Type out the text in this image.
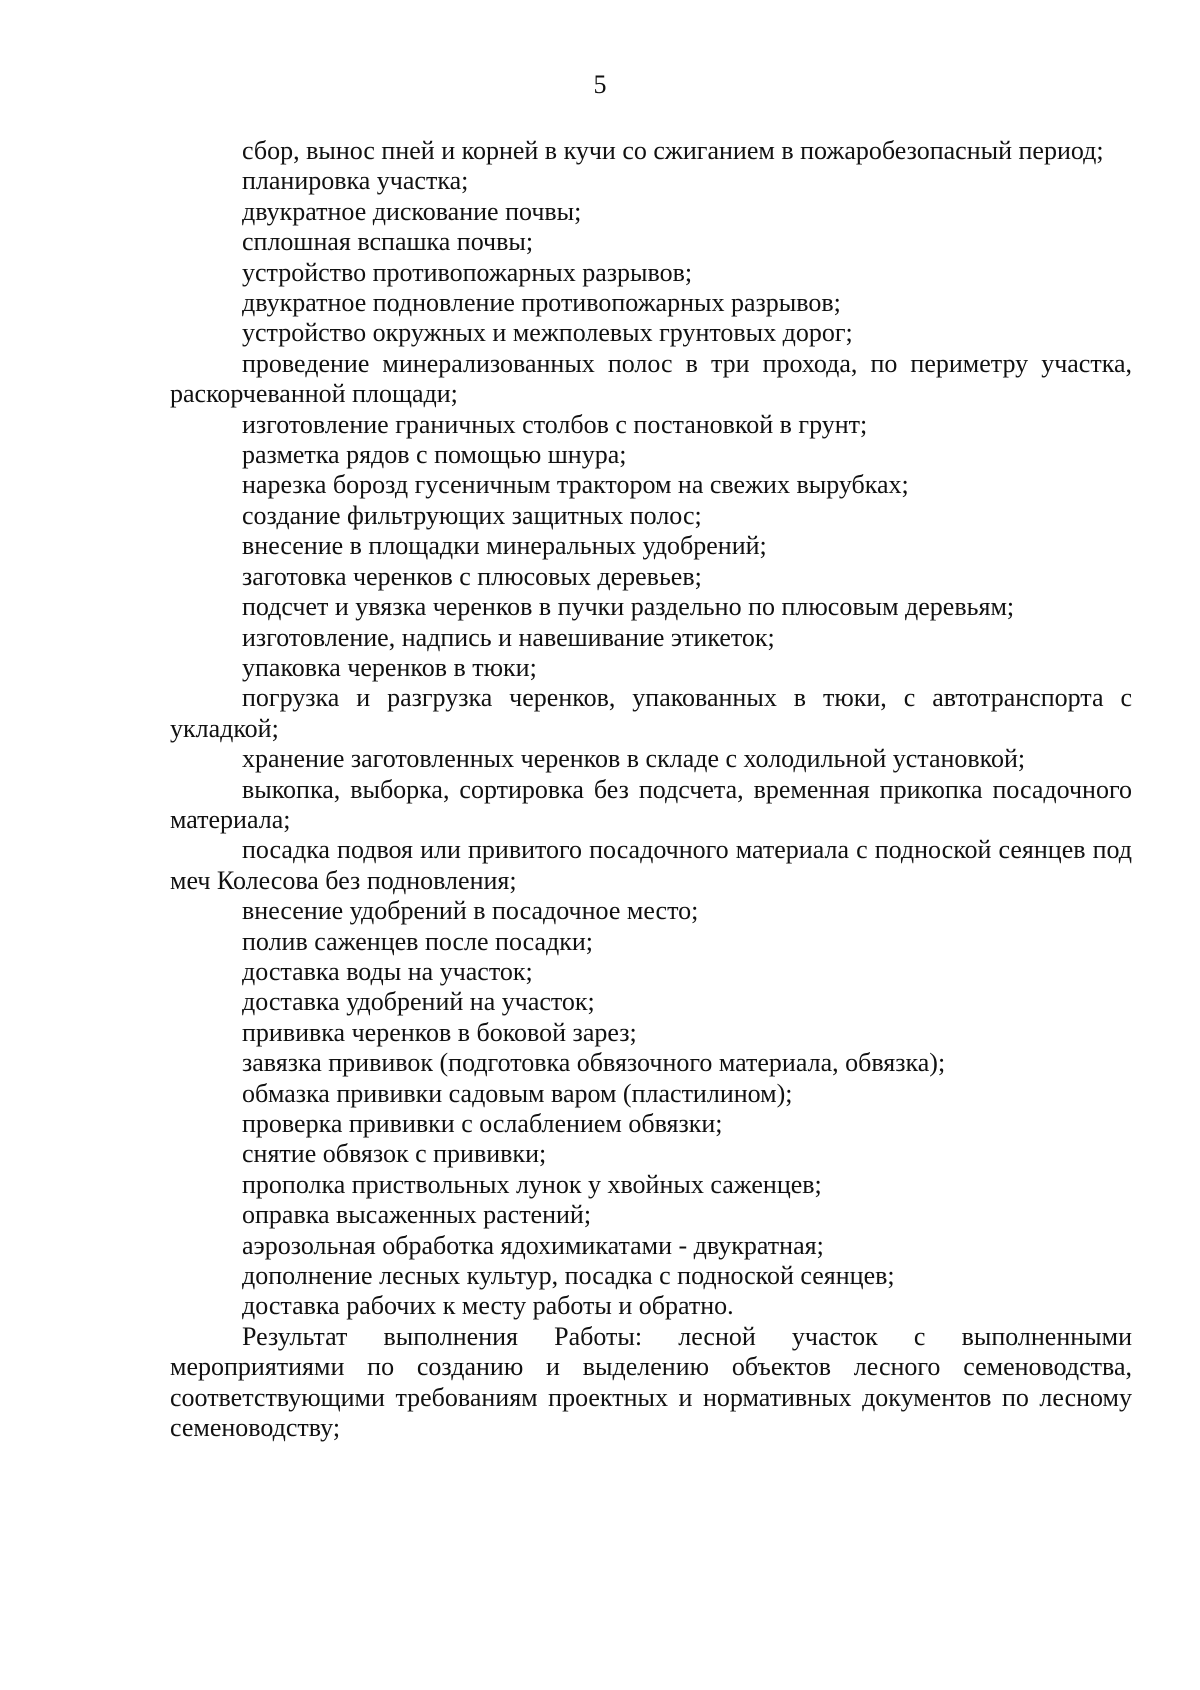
5

сбор, вынос пней и корней в кучи со сжиганием в пожаробезопасный период;

планировка участка;

двукратное дискование почвы;

сплошная вспашка почвы;

устройство противопожарных разрывов;

двукратное подновление противопожарных разрывов;

устройство окружных и межполевых грунтовых дорог;

проведение минерализованных полос в три прохода, по периметру участка, раскорчеванной площади;

изготовление граничных столбов с постановкой в грунт;

разметка рядов с помощью шнура;

нарезка борозд гусеничным трактором на свежих вырубках;

создание фильтрующих защитных полос;

внесение в площадки минеральных удобрений;

заготовка черенков с плюсовых деревьев;

подсчет и увязка черенков в пучки раздельно по плюсовым деревьям;

изготовление, надпись и навешивание этикеток;

упаковка черенков в тюки;

погрузка и разгрузка черенков, упакованных в тюки, с автотранспорта с укладкой;

хранение заготовленных черенков в складе с холодильной установкой;

выкопка, выборка, сортировка без подсчета, временная прикопка посадочного материала;

посадка подвоя или привитого посадочного материала с подноской сеянцев под меч Колесова без подновления;

внесение удобрений в посадочное место;

полив саженцев после посадки;

доставка воды на участок;

доставка удобрений на участок;

прививка черенков в боковой зарез;

завязка прививок (подготовка обвязочного материала, обвязка);

обмазка прививки садовым варом (пластилином);

проверка прививки с ослаблением обвязки;

снятие обвязок с прививки;

прополка приствольных лунок у хвойных саженцев;

оправка высаженных растений;

аэрозольная обработка ядохимикатами - двукратная;

дополнение лесных культур, посадка с подноской сеянцев;

доставка рабочих к месту работы и обратно.

Результат выполнения Работы: лесной участок с выполненными мероприятиями по созданию и выделению объектов лесного семеноводства, соответствующими требованиям проектных и нормативных документов по лесному семеноводству;
